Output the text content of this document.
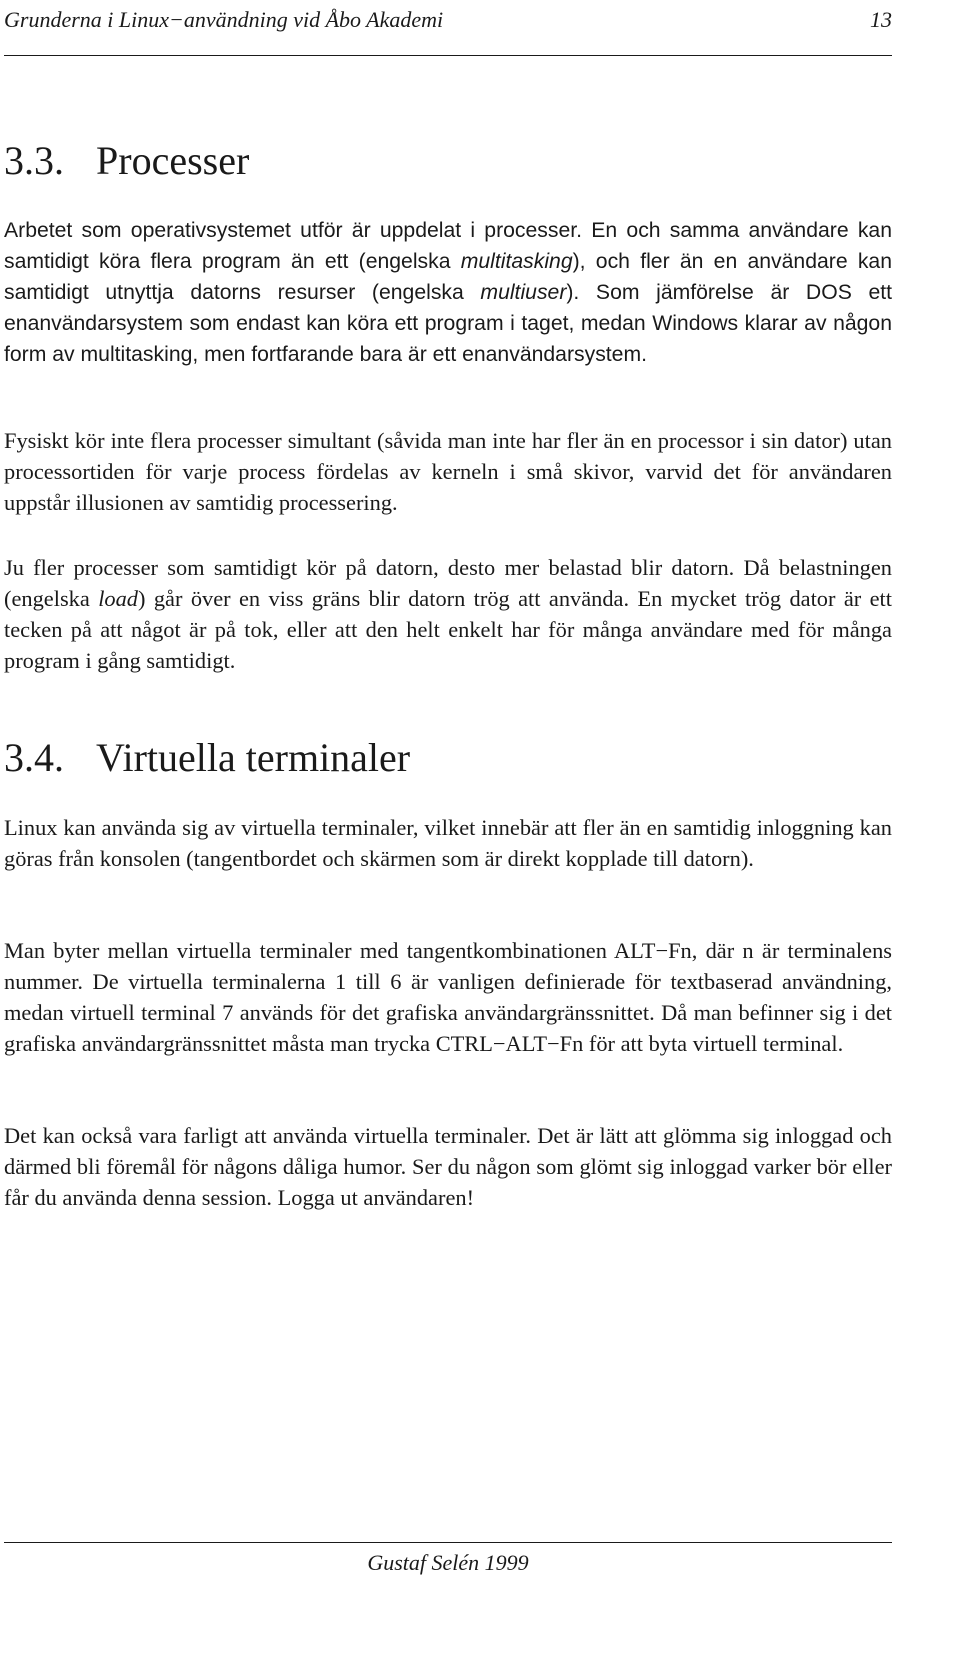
Grunderna i Linux−användning vid Åbo Akademi	13
3.3. Processer

Arbetet som operativsystemet utför är uppdelat i processer. En och samma användare kan samtidigt köra flera program än ett (engelska multitasking), och fler än en användare kan samtidigt utnyttja datorns resurser (engelska multiuser). Som jämförelse är DOS ett enanvändarsystem som endast kan köra ett program i taget, medan Windows klarar av någon form av multitasking, men fortfarande bara är ett enanvändarsystem.

Fysiskt kör inte flera processer simultant (såvida man inte har fler än en processor i sin dator) utan processortiden för varje process fördelas av kerneln i små skivor, varvid det för användaren uppstår illusionen av samtidig processering.

Ju fler processer som samtidigt kör på datorn, desto mer belastad blir datorn. Då belastningen (engelska load) går över en viss gräns blir datorn trög att använda. En mycket trög dator är ett tecken på att något är på tok, eller att den helt enkelt har för många användare med för många program i gång samtidigt.

3.4. Virtuella terminaler

Linux kan använda sig av virtuella terminaler, vilket innebär att fler än en samtidig inloggning kan göras från konsolen (tangentbordet och skärmen som är direkt kopplade till datorn).

Man byter mellan virtuella terminaler med tangentkombinationen ALT−Fn, där n är terminalens nummer. De virtuella terminalerna 1 till 6 är vanligen definierade för textbaserad användning, medan virtuell terminal 7 används för det grafiska användargränssnittet. Då man befinner sig i det grafiska användargränssnittet måsta man trycka CTRL−ALT−Fn för att byta virtuell terminal.

Det kan också vara farligt att använda virtuella terminaler. Det är lätt att glömma sig inloggad och därmed bli föremål för någons dåliga humor. Ser du någon som glömt sig inloggad varker bör eller får du använda denna session. Logga ut användaren!

Gustaf Selén 1999
